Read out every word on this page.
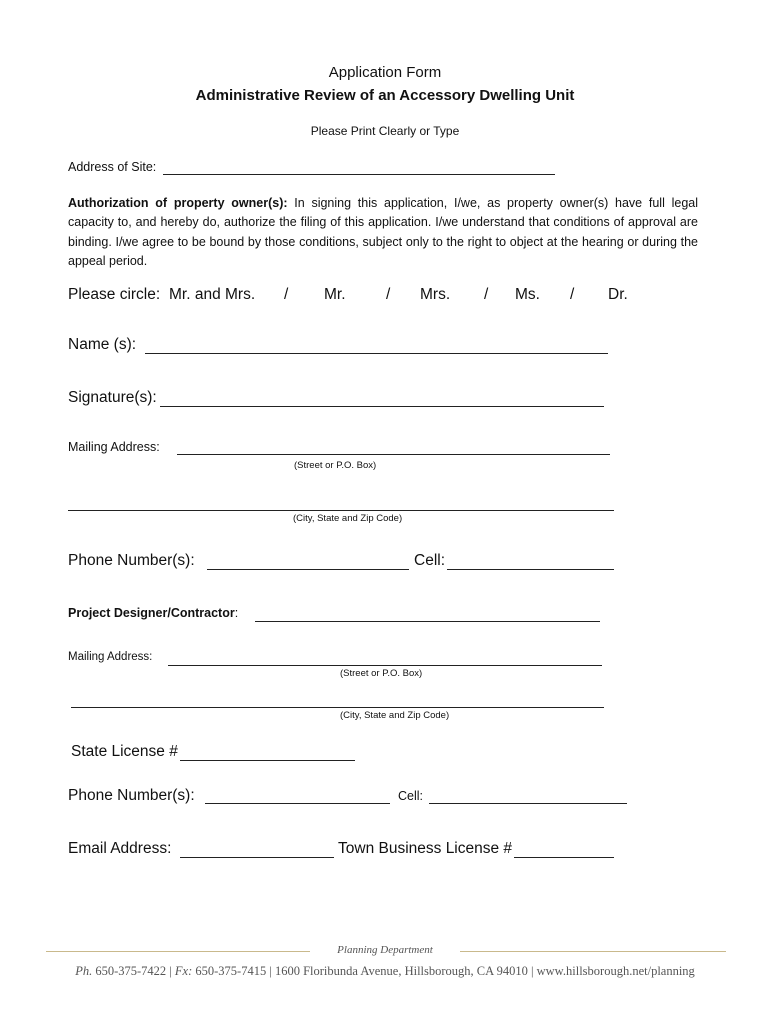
Application Form
Administrative Review of an Accessory Dwelling Unit
Please Print Clearly or Type
Address of Site:
Authorization of property owner(s): In signing this application, I/we, as property owner(s) have full legal capacity to, and hereby do, authorize the filing of this application. I/we understand that conditions of approval are binding. I/we agree to be bound by those conditions, subject only to the right to object at the hearing or during the appeal period.
Please circle: Mr. and Mrs. / Mr.	/ Mrs. / Ms. / Dr.
Name (s):
Signature(s):
Mailing Address:
(Street or P.O. Box)
(City, State and Zip Code)
Phone Number(s):	Cell:
Project Designer/Contractor:
Mailing Address:
(Street or P.O. Box)
(City, State and Zip Code)
State License #
Phone Number(s):	Cell:
Email Address:	Town Business License #
Planning Department
Ph. 650-375-7422 | Fx: 650-375-7415 | 1600 Floribunda Avenue, Hillsborough, CA 94010 | www.hillsborough.net/planning
